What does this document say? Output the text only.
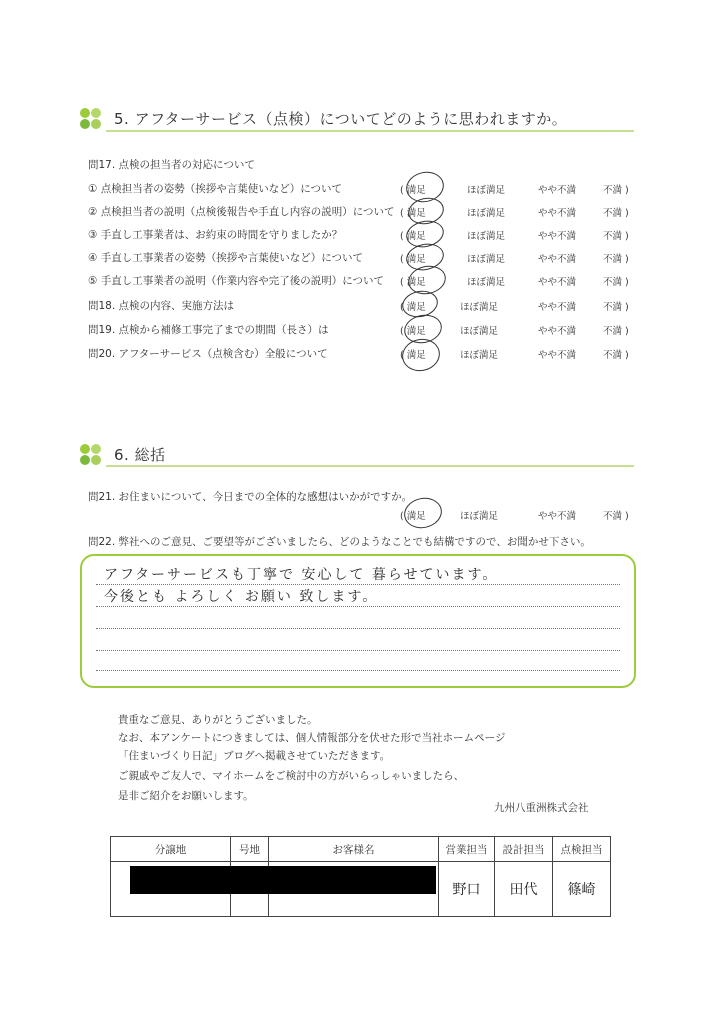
5. アフターサービス（点検）についてどのように思われますか。
問17. 点検の担当者の対応について
① 点検担当者の姿勢（挨拶や言葉使いなど）について	( 満足	ほぼ満足	やや不満	不満 )
② 点検担当者の説明（点検後報告や手直し内容の説明）について ( 満足	ほぼ満足	やや不満	不満 )
③ 手直し工事業者は、お約束の時間を守りましたか？	( 満足	ほぼ満足	やや不満	不満 )
④ 手直し工事業者の姿勢（挨拶や言葉使いなど）について	( 満足	ほぼ満足	やや不満	不満 )
⑤ 手直し工事業者の説明（作業内容や完了後の説明）について ( 満足	ほぼ満足	やや不満	不満 )
問18. 点検の内容、実施方法は	( 満足	ほぼ満足	やや不満	不満 )
問19. 点検から補修工事完了までの期間（長さ）は	( 満足	ほぼ満足	やや不満	不満 )
問20. アフターサービス（点検含む）全般について	( 満足	ほぼ満足	やや不満	不満 )
6. 総括
問21. お住まいについて、今日までの全体的な感想はいかがですか。
( 満足	ほぼ満足	やや不満	不満 )
問22. 弊社へのご意見、ご要望等がございましたら、どのようなことでも結構ですので、お聞かせ下さい。
アフターサービスも丁寧で 安心して 暮らせています。
今後とも よろしく お願い 致します。
貴重なご意見、ありがとうございました。
なお、本アンケートにつきましては、個人情報部分を伏せた形で当社ホームページ
「住まいづくり日記」ブログへ掲載させていただきます。
ご親戚やご友人で、マイホームをご検討中の方がいらっしゃいましたら、
是非ご紹介をお願いします。
九州八重洲株式会社
分譲地	号地	お客様名	営業担当	設計担当	点検担当
			野口	田代	篠崎
